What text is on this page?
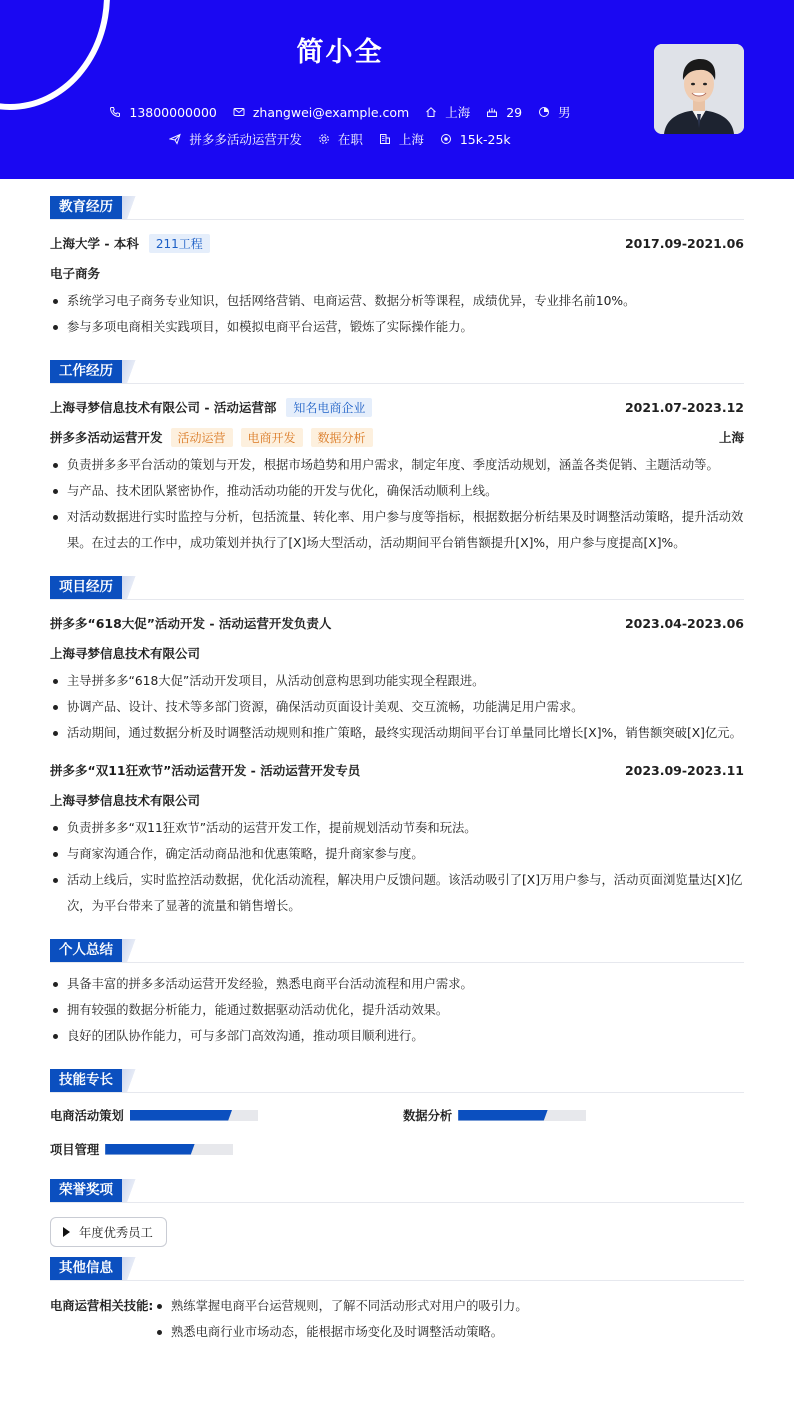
简小全
13800000000
	zhangwei@example.com
	上海
	29
	男
拼多多活动运营开发
	在职
	上海
	15k-25k
教育经历
上海大学 - 本科	211工程	2017.09-2021.06
电子商务
系统学习电子商务专业知识，包括网络营销、电商运营、数据分析等课程，成绩优异，专业排名前10%。
参与多项电商相关实践项目，如模拟电商平台运营，锻炼了实际操作能力。
工作经历
上海寻梦信息技术有限公司 - 活动运营部	知名电商企业	2021.07-2023.12
拼多多活动运营开发	活动运营	电商开发	数据分析	上海
负责拼多多平台活动的策划与开发，根据市场趋势和用户需求，制定年度、季度活动规划，涵盖各类促销、主题活动等。
与产品、技术团队紧密协作，推动活动功能的开发与优化，确保活动顺利上线。
对活动数据进行实时监控与分析，包括流量、转化率、用户参与度等指标，根据数据分析结果及时调整活动策略，提升活动效果。在过去的工作中，成功策划并执行了[X]场大型活动，活动期间平台销售额提升[X]%，用户参与度提高[X]%。
项目经历
拼多多“618大促”活动开发 - 活动运营开发负责人	2023.04-2023.06
上海寻梦信息技术有限公司
主导拼多多“618大促”活动开发项目，从活动创意构思到功能实现全程跟进。
协调产品、设计、技术等多部门资源，确保活动页面设计美观、交互流畅，功能满足用户需求。
活动期间，通过数据分析及时调整活动规则和推广策略，最终实现活动期间平台订单量同比增长[X]%，销售额突破[X]亿元。
拼多多“双11狂欢节”活动运营开发 - 活动运营开发专员	2023.09-2023.11
上海寻梦信息技术有限公司
负责拼多多“双11狂欢节”活动的运营开发工作，提前规划活动节奏和玩法。
与商家沟通合作，确定活动商品池和优惠策略，提升商家参与度。
活动上线后，实时监控活动数据，优化活动流程，解决用户反馈问题。该活动吸引了[X]万用户参与，活动页面浏览量达[X]亿次，为平台带来了显著的流量和销售增长。
个人总结
具备丰富的拼多多活动运营开发经验，熟悉电商平台活动流程和用户需求。
拥有较强的数据分析能力，能通过数据驱动活动优化，提升活动效果。
良好的团队协作能力，可与多部门高效沟通，推动项目顺利进行。
技能专长
电商活动策划	数据分析
项目管理
荣誉奖项
年度优秀员工
其他信息
电商运营相关技能:	熟练掌握电商平台运营规则，了解不同活动形式对用户的吸引力。
熟悉电商行业市场动态，能根据市场变化及时调整活动策略。
